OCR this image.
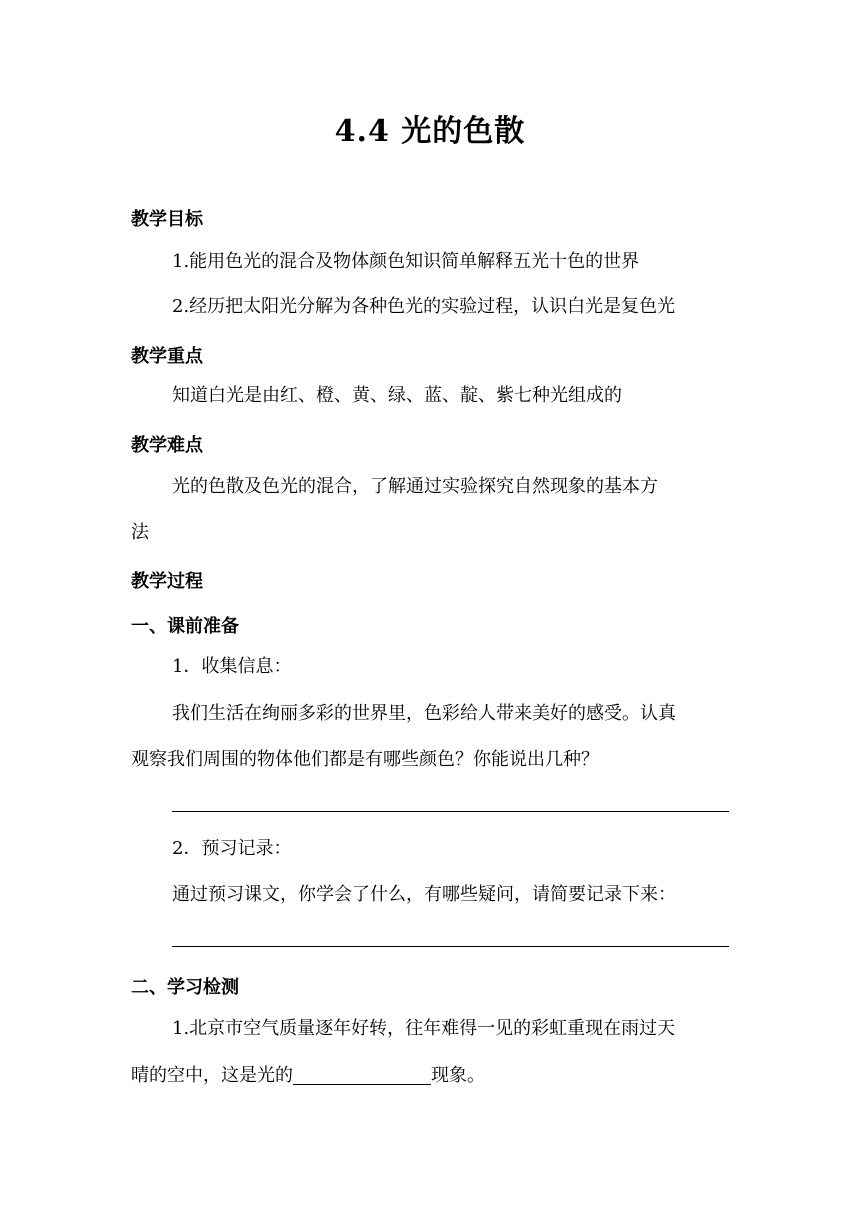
4.4 光的色散
教学目标
1.能用色光的混合及物体颜色知识简单解释五光十色的世界
2.经历把太阳光分解为各种色光的实验过程，认识白光是复色光
教学重点
知道白光是由红、橙、黄、绿、蓝、靛、紫七种光组成的
教学难点
光的色散及色光的混合，了解通过实验探究自然现象的基本方
法
教学过程
一、课前准备
1．收集信息：
我们生活在绚丽多彩的世界里，色彩给人带来美好的感受。认真
观察我们周围的物体他们都是有哪些颜色？你能说出几种？
2．预习记录：
通过预习课文，你学会了什么，有哪些疑问，请简要记录下来：
二、学习检测
1.北京市空气质量逐年好转，往年难得一见的彩虹重现在雨过天
晴的空中，这是光的	现象。
